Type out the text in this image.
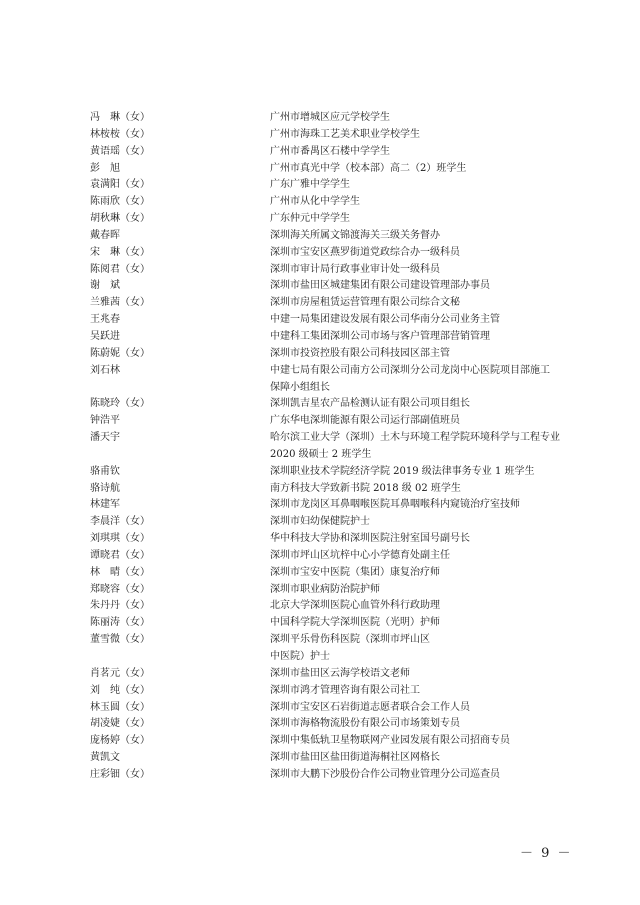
冯　琳（女）	广州市增城区应元学校学生
林桉桉（女）	广州市海珠工艺美术职业学校学生
黄语瑶（女）	广州市番禺区石楼中学学生
彭　旭	广州市真光中学（校本部）高二（2）班学生
袁满阳（女）	广东广雅中学学生
陈雨欣（女）	广州市从化中学学生
胡秋琳（女）	广东仲元中学学生
戴春晖	深圳海关所属文锦渡海关三级关务督办
宋　琳（女）	深圳市宝安区燕罗街道党政综合办一级科员
陈阅君（女）	深圳市审计局行政事业审计处一级科员
谢　斌	深圳市盐田区城建集团有限公司建设管理部办事员
兰雅茜（女）	深圳市房屋租赁运营管理有限公司综合文秘
王兆春	中建一局集团建设发展有限公司华南分公司业务主管
吴跃进	中建科工集团深圳公司市场与客户管理部营销管理
陈蔚妮（女）	深圳市投资控股有限公司科技园区部主管
刘石林	中建七局有限公司南方公司深圳分公司龙岗中心医院项目部施工
保障小组组长
陈晓玲（女）	深圳凯吉星农产品检测认证有限公司项目组长
钟浩平	广东华电深圳能源有限公司运行部副值班员
潘天宇	哈尔滨工业大学（深圳）土木与环境工程学院环境科学与工程专业
2020 级硕士 2 班学生
骆甫钦	深圳职业技术学院经济学院 2019 级法律事务专业 1 班学生
骆诗航	南方科技大学致新书院 2018 级 02 班学生
林建军	深圳市龙岗区耳鼻咽喉医院耳鼻咽喉科内窥镜治疗室技师
李晨洋（女）	深圳市妇幼保健院护士
刘琪琪（女）	华中科技大学协和深圳医院注射室国号副号长
谭晓君（女）	深圳市坪山区坑梓中心小学德育处副主任
林　晴（女）	深圳市宝安中医院（集团）康复治疗师
郑晓容（女）	深圳市职业病防治院护师
朱丹丹（女）	北京大学深圳医院心血管外科行政助理
陈丽涛（女）	中国科学院大学深圳医院（光明）护师
董雪微（女）	深圳平乐骨伤科医院（深圳市坪山区
中医院）护士
肖茗元（女）	深圳市盐田区云海学校语文老师
刘　纯（女）	深圳市鸿才管理咨询有限公司社工
林玉圆（女）	深圳市宝安区石岩街道志愿者联合会工作人员
胡凌婕（女）	深圳市海格物流股份有限公司市场策划专员
庞杨婷（女）	深圳中集低轨卫星物联网产业园发展有限公司招商专员
黄凯文	深圳市盐田区盐田街道海桐社区网格长
庄彩钿（女）	深圳市大鹏下沙股份合作公司物业管理分公司巡查员
－ 9 －
